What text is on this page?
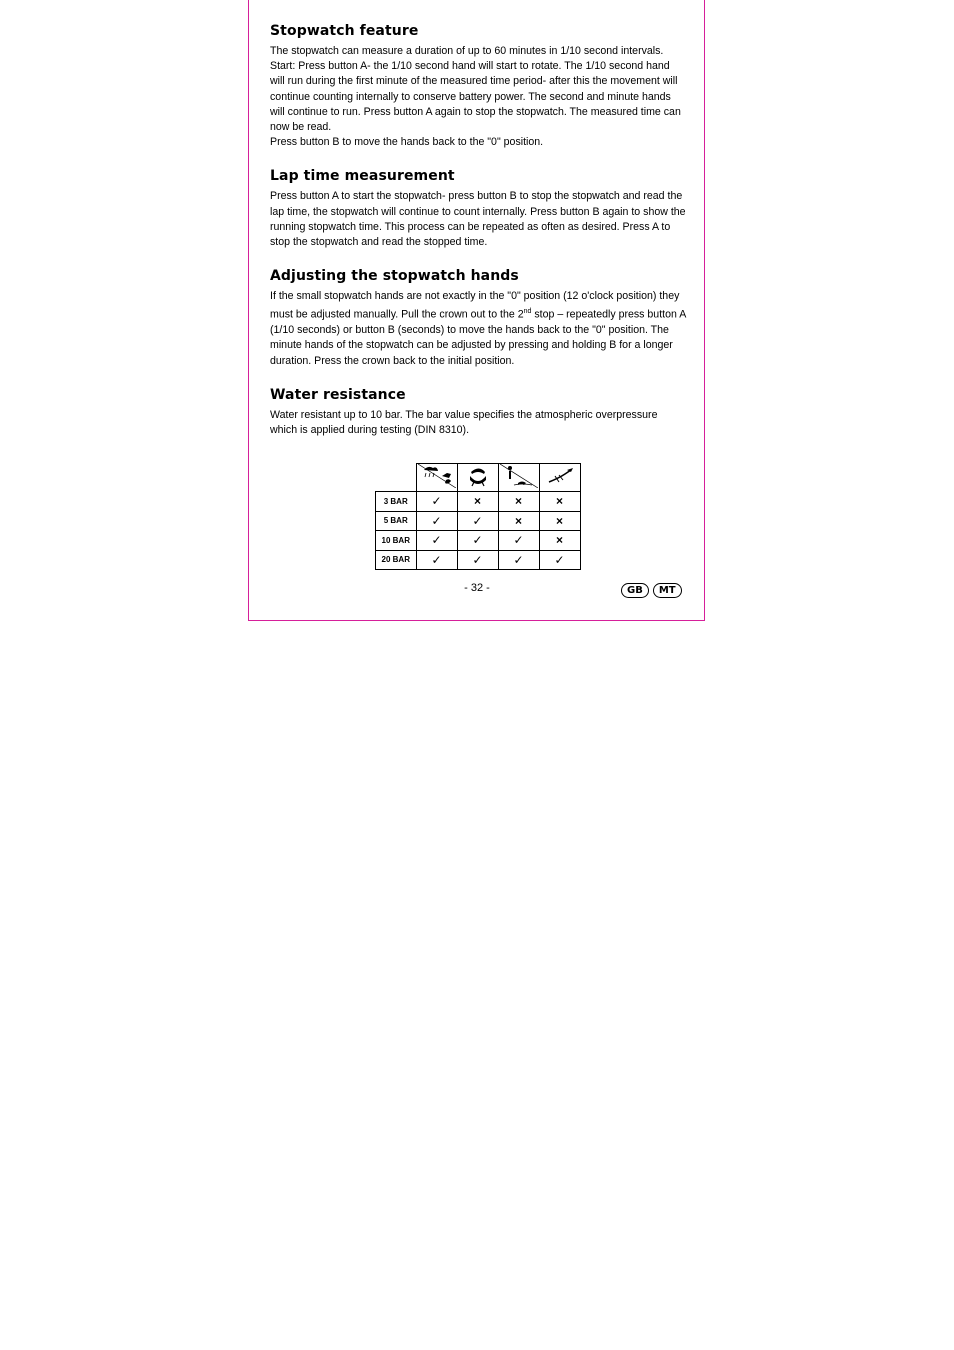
Stopwatch feature

The stopwatch can measure a duration of up to 60 minutes in 1/10 second intervals.

Start: Press button A- the 1/10 second hand will start to rotate. The 1/10 second hand will run during the first minute of the measured time period- after this the movement will continue counting internally to conserve battery power. The second and minute hands will continue to run. Press button A again to stop the stopwatch. The measured time can now be read.

Press button B to move the hands back to the "0" position.

Lap time measurement

Press button A to start the stopwatch- press button B to stop the stopwatch and read the lap time, the stopwatch will continue to count internally. Press button B again to show the running stopwatch time. This process can be repeated as often as desired. Press A to stop the stopwatch and read the stopped time.

Adjusting the stopwatch hands

If the small stopwatch hands are not exactly in the "0" position (12 o'clock position) they must be adjusted manually. Pull the crown out to the 2nd stop – repeatedly press button A (1/10 seconds) or button B (seconds) to move the hands back to the "0" position. The minute hands of the stopwatch can be adjusted by pressing and holding B for a longer duration. Press the crown back to the initial position.

Water resistance

Water resistant up to 10 bar. The bar value specifies the atmospheric overpressure which is applied during testing (DIN 8310).

3 BAR	✓	×	×	×
5 BAR	✓	✓	×	×
10 BAR	✓	✓	✓	×
20 BAR	✓	✓	✓	✓
- 32 -	GB	MT
